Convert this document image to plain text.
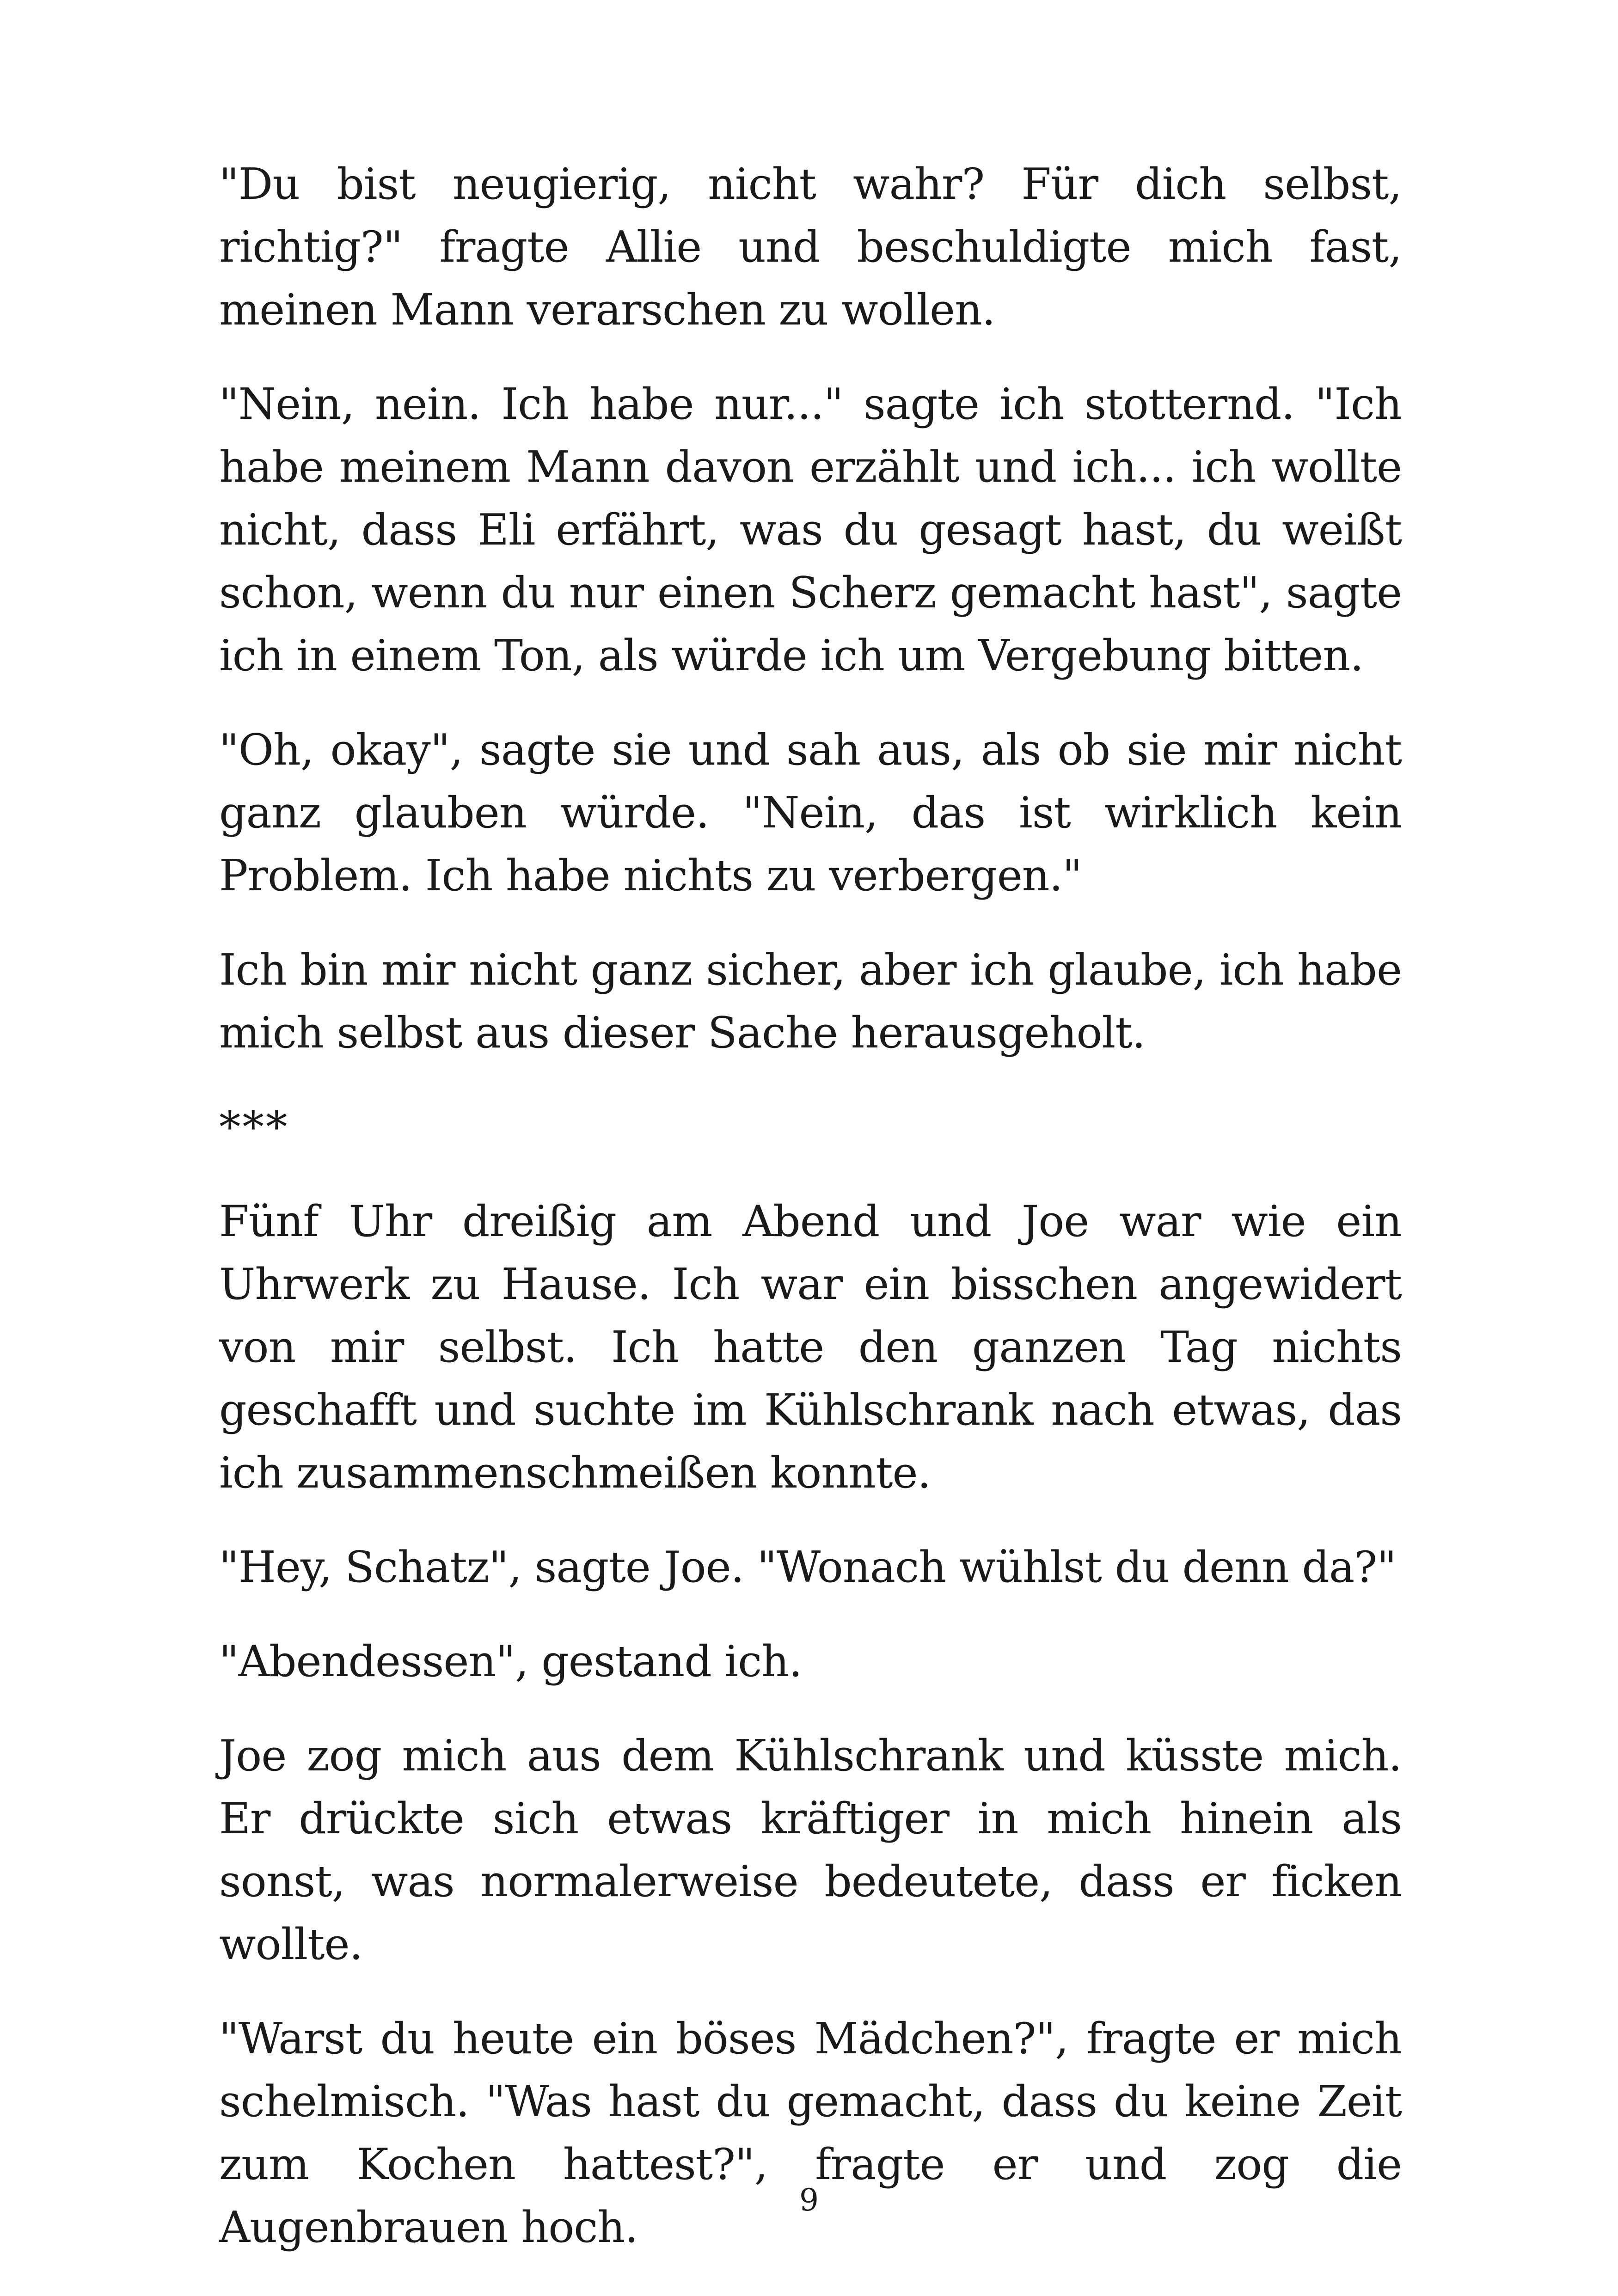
"Du bist neugierig, nicht wahr? Für dich selbst, richtig?" fragte Allie und beschuldigte mich fast, meinen Mann verarschen zu wollen.

"Nein, nein. Ich habe nur..." sagte ich stotternd. "Ich habe meinem Mann davon erzählt und ich... ich wollte nicht, dass Eli erfährt, was du gesagt hast, du weißt schon, wenn du nur einen Scherz gemacht hast", sagte ich in einem Ton, als würde ich um Vergebung bitten.

"Oh, okay", sagte sie und sah aus, als ob sie mir nicht ganz glauben würde. "Nein, das ist wirklich kein Problem. Ich habe nichts zu verbergen."

Ich bin mir nicht ganz sicher, aber ich glaube, ich habe mich selbst aus dieser Sache herausgeholt.

***

Fünf Uhr dreißig am Abend und Joe war wie ein Uhrwerk zu Hause. Ich war ein bisschen angewidert von mir selbst. Ich hatte den ganzen Tag nichts geschafft und suchte im Kühlschrank nach etwas, das ich zusammenschmeißen konnte.

"Hey, Schatz", sagte Joe. "Wonach wühlst du denn da?"

"Abendessen", gestand ich.

Joe zog mich aus dem Kühlschrank und küsste mich. Er drückte sich etwas kräftiger in mich hinein als sonst, was normalerweise bedeutete, dass er ficken wollte.

"Warst du heute ein böses Mädchen?", fragte er mich schelmisch. "Was hast du gemacht, dass du keine Zeit zum Kochen hattest?", fragte er und zog die Augenbrauen hoch.

9
